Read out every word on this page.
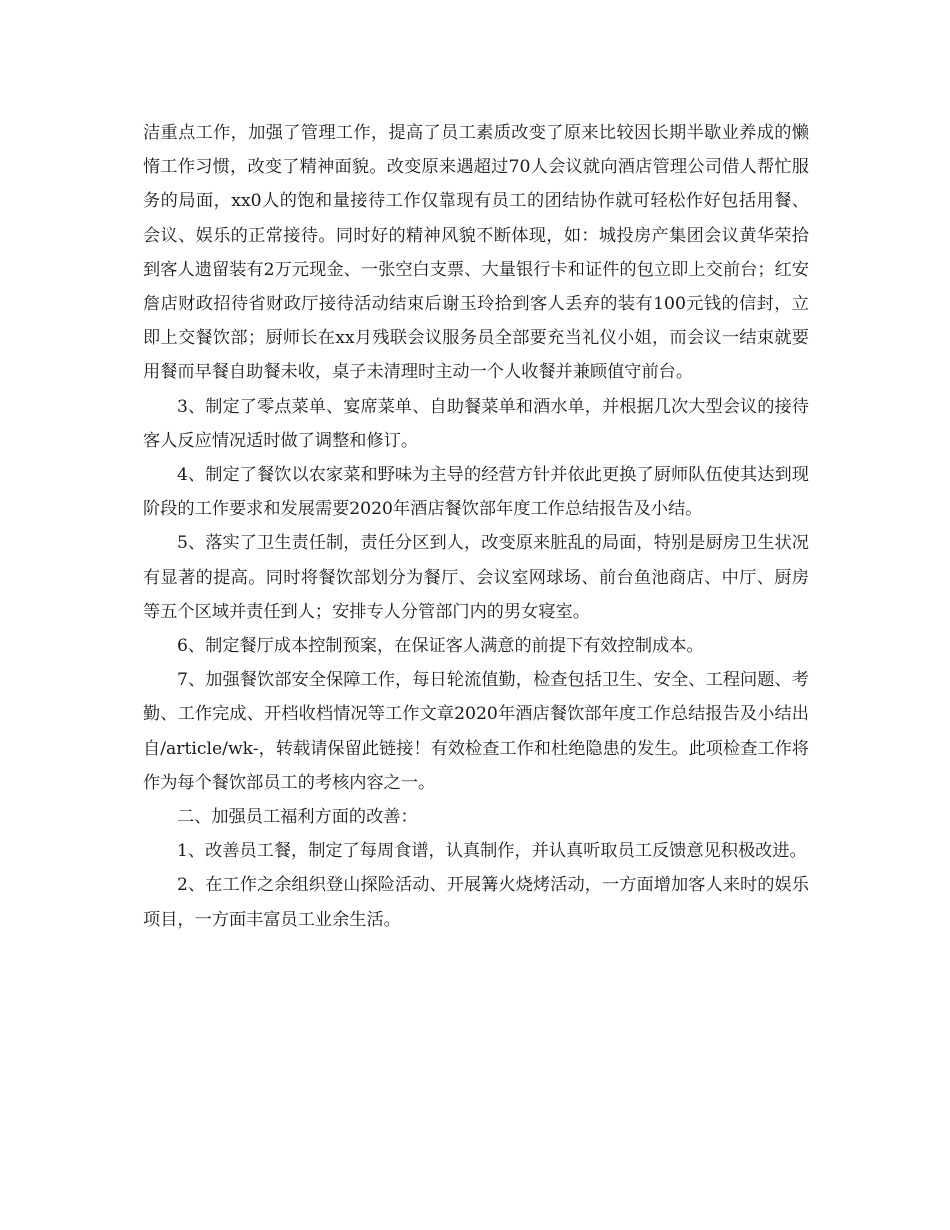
洁重点工作，加强了管理工作，提高了员工素质改变了原来比较因长期半歇业养成的懒惰工作习惯，改变了精神面貌。改变原来遇超过70人会议就向酒店管理公司借人帮忙服务的局面，xx0人的饱和量接待工作仅靠现有员工的团结协作就可轻松作好包括用餐、会议、娱乐的正常接待。同时好的精神风貌不断体现，如：城投房产集团会议黄华荣拾到客人遗留装有2万元现金、一张空白支票、大量银行卡和证件的包立即上交前台；红安詹店财政招待省财政厅接待活动结束后谢玉玲拾到客人丢弃的装有100元钱的信封，立即上交餐饮部；厨师长在xx月残联会议服务员全部要充当礼仪小姐，而会议一结束就要用餐而早餐自助餐未收，桌子未清理时主动一个人收餐并兼顾值守前台。

3、制定了零点菜单、宴席菜单、自助餐菜单和酒水单，并根据几次大型会议的接待客人反应情况适时做了调整和修订。

4、制定了餐饮以农家菜和野味为主导的经营方针并依此更换了厨师队伍使其达到现阶段的工作要求和发展需要2020年酒店餐饮部年度工作总结报告及小结。

5、落实了卫生责任制，责任分区到人，改变原来脏乱的局面，特别是厨房卫生状况有显著的提高。同时将餐饮部划分为餐厅、会议室网球场、前台鱼池商店、中厅、厨房等五个区域并责任到人；安排专人分管部门内的男女寝室。

6、制定餐厅成本控制预案，在保证客人满意的前提下有效控制成本。

7、加强餐饮部安全保障工作，每日轮流值勤，检查包括卫生、安全、工程问题、考勤、工作完成、开档收档情况等工作文章2020年酒店餐饮部年度工作总结报告及小结出自/article/wk-，转载请保留此链接！有效检查工作和杜绝隐患的发生。此项检查工作将作为每个餐饮部员工的考核内容之一。

二、加强员工福利方面的改善：

1、改善员工餐，制定了每周食谱，认真制作，并认真听取员工反馈意见积极改进。

2、在工作之余组织登山探险活动、开展篝火烧烤活动，一方面增加客人来时的娱乐项目，一方面丰富员工业余生活。
